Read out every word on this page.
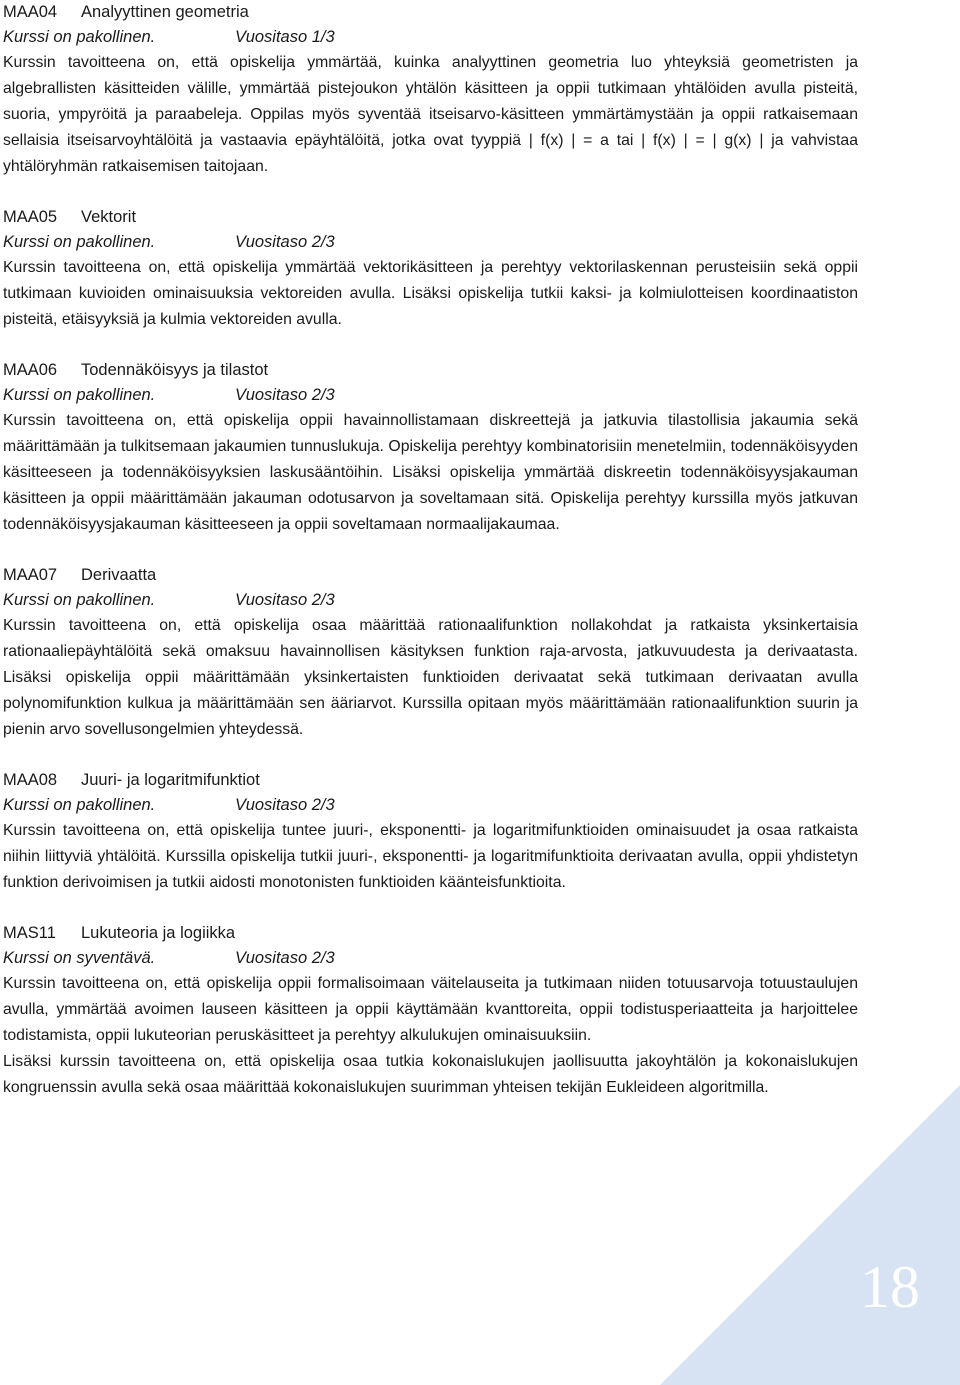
MAA04 Analyyttinen geometria
Kurssi on pakollinen.	Vuositaso 1/3

Kurssin tavoitteena on, että opiskelija ymmärtää, kuinka analyyttinen geometria luo yhteyksiä geometristen ja algebrallisten käsitteiden välille, ymmärtää pistejoukon yhtälön käsitteen ja oppii tutkimaan yhtälöiden avulla pisteitä, suoria, ympyröitä ja paraabeleja. Oppilas myös syventää itseisarvo-käsitteen ymmärtämystään ja oppii ratkaisemaan sellaisia itseisarvoyhtälöitä ja vastaavia epäyhtälöitä, jotka ovat tyyppiä | f(x) | = a tai | f(x) | = | g(x) | ja vahvistaa yhtälöryhmän ratkaisemisen taitojaan.

MAA05 Vektorit
Kurssi on pakollinen.	Vuositaso 2/3

Kurssin tavoitteena on, että opiskelija ymmärtää vektorikäsitteen ja perehtyy vektorilaskennan perusteisiin sekä oppii tutkimaan kuvioiden ominaisuuksia vektoreiden avulla. Lisäksi opiskelija tutkii kaksi- ja kolmiulotteisen koordinaatiston pisteitä, etäisyyksiä ja kulmia vektoreiden avulla.

MAA06 Todennäköisyys ja tilastot
Kurssi on pakollinen.	Vuositaso 2/3

Kurssin tavoitteena on, että opiskelija oppii havainnollistamaan diskreettejä ja jatkuvia tilastollisia jakaumia sekä määrittämään ja tulkitsemaan jakaumien tunnuslukuja. Opiskelija perehtyy kombinatorisiin menetelmiin, todennäköisyyden käsitteeseen ja todennäköisyyksien laskusääntöihin. Lisäksi opiskelija ymmärtää diskreetin todennäköisyysjakauman käsitteen ja oppii määrittämään jakauman odotusarvon ja soveltamaan sitä. Opiskelija perehtyy kurssilla myös jatkuvan todennäköisyysjakauman käsitteeseen ja oppii soveltamaan normaalijakaumaa.

MAA07 Derivaatta
Kurssi on pakollinen.	Vuositaso 2/3

Kurssin tavoitteena on, että opiskelija osaa määrittää rationaalifunktion nollakohdat ja ratkaista yksinkertaisia rationaaliepäyhtälöitä sekä omaksuu havainnollisen käsityksen funktion raja-arvosta, jatkuvuudesta ja derivaatasta. Lisäksi opiskelija oppii määrittämään yksinkertaisten funktioiden derivaatat sekä tutkimaan derivaatan avulla polynomifunktion kulkua ja määrittämään sen ääriarvot. Kurssilla opitaan myös määrittämään rationaalifunktion suurin ja pienin arvo sovellusongelmien yhteydessä.

MAA08 Juuri- ja logaritmifunktiot
Kurssi on pakollinen.	Vuositaso 2/3

Kurssin tavoitteena on, että opiskelija tuntee juuri-, eksponentti- ja logaritmifunktioiden ominaisuudet ja osaa ratkaista niihin liittyviä yhtälöitä. Kurssilla opiskelija tutkii juuri-, eksponentti- ja logaritmifunktioita derivaatan avulla, oppii yhdistetyn funktion derivoimisen ja tutkii aidosti monotonisten funktioiden käänteisfunktioita.

MAS11 Lukuteoria ja logiikka
Kurssi on syventävä.	Vuositaso 2/3

Kurssin tavoitteena on, että opiskelija oppii formalisoimaan väitelauseita ja tutkimaan niiden totuusarvoja totuustaulujen avulla, ymmärtää avoimen lauseen käsitteen ja oppii käyttämään kvanttoreita, oppii todistusperiaatteita ja harjoittelee todistamista, oppii lukuteorian peruskäsitteet ja perehtyy alkulukujen ominaisuuksiin.

Lisäksi kurssin tavoitteena on, että opiskelija osaa tutkia kokonaislukujen jaollisuutta jakoyhtälön ja kokonaislukujen kongruenssin avulla sekä osaa määrittää kokonaislukujen suurimman yhteisen tekijän Eukleideen algoritmilla.

18
